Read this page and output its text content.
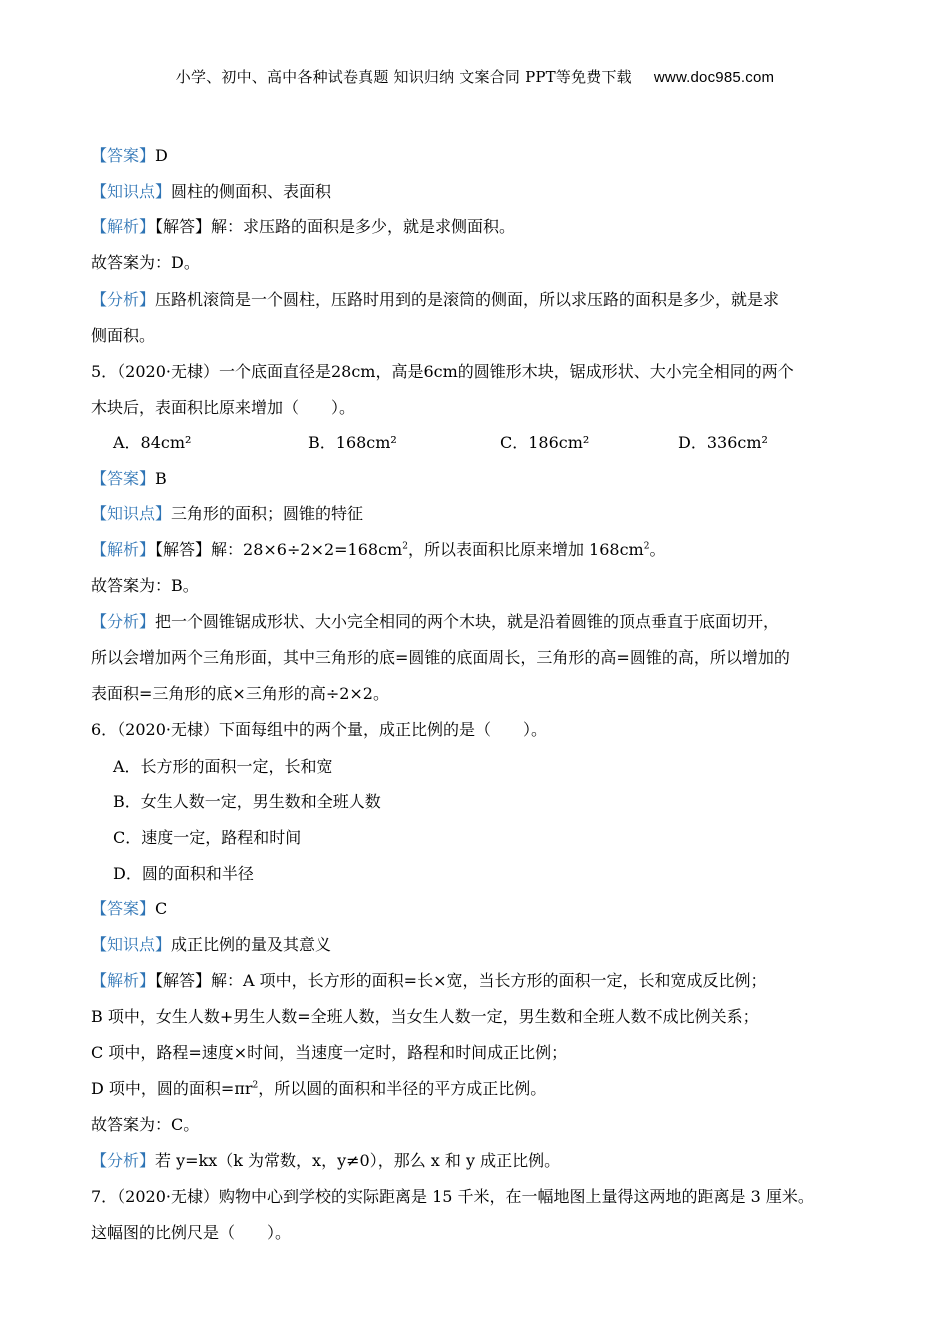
小学、初中、高中各种试卷真题 知识归纳 文案合同 PPT等免费下载 www.doc985.com

【答案】D

【知识点】圆柱的侧面积、表面积

【解析】【解答】解：求压路的面积是多少，就是求侧面积。

故答案为：D。

【分析】压路机滚筒是一个圆柱，压路时用到的是滚筒的侧面，所以求压路的面积是多少，就是求

侧面积。

5．（2020·无棣）一个底面直径是28cm，高是6cm的圆锥形木块，锯成形状、大小完全相同的两个

木块后，表面积比原来增加（　　）。

A．84cm²	B．168cm²	C．186cm²	D．336cm²

【答案】B

【知识点】三角形的面积；圆锥的特征

【解析】【解答】解：$28\times 6\div 2\times 2=168cm^2$，所以表面积比原来增加 $168cm^2$。

故答案为：B。

【分析】把一个圆锥锯成形状、大小完全相同的两个木块，就是沿着圆锥的顶点垂直于底面切开，

所以会增加两个三角形面，其中三角形的底=圆锥的底面周长，三角形的高=圆锥的高，所以增加的

表面积=三角形的底×三角形的高÷2×2。

6．（2020·无棣）下面每组中的两个量，成正比例的是（　　）。

A．长方形的面积一定，长和宽

B．女生人数一定，男生数和全班人数

C．速度一定，路程和时间

D．圆的面积和半径

【答案】C

【知识点】成正比例的量及其意义

【解析】【解答】解：A 项中，长方形的面积=长×宽，当长方形的面积一定，长和宽成反比例；

B 项中，女生人数+男生人数=全班人数，当女生人数一定，男生数和全班人数不成比例关系；

C 项中，路程=速度×时间，当速度一定时，路程和时间成正比例；

D 项中，圆的面积$=\pi r^2$，所以圆的面积和半径的平方成正比例。

故答案为：C。

【分析】若 y=kx（k 为常数，x，y≠0），那么 x 和 y 成正比例。

7．（2020·无棣）购物中心到学校的实际距离是 15 千米，在一幅地图上量得这两地的距离是 3 厘米。

这幅图的比例尺是（　　）。
